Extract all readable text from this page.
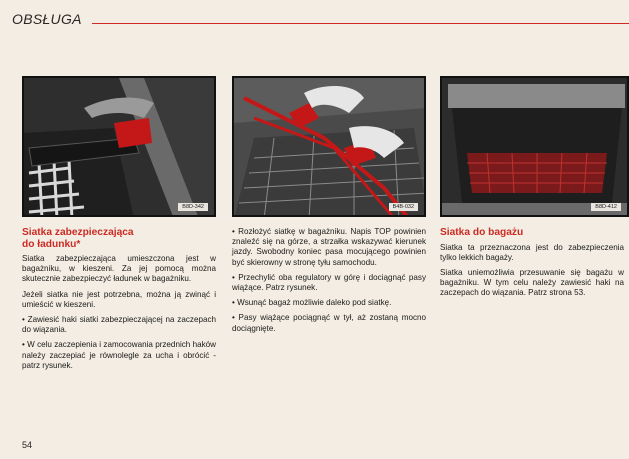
OBSŁUGA
B8D-342	B4B-032	B8D-412
Siatka zabezpieczająca
do ładunku*

Siatka zabezpieczająca umieszczona jest w bagażniku, w kieszeni. Za jej pomocą można skutecznie zabezpieczyć ładunek w bagażniku.

Jeżeli siatka nie jest potrzebna, można ją zwinąć i umieścić w kieszeni.

• Zawiesić haki siatki zabezpieczającej na zaczepach do wiązania.

• W celu zaczepienia i zamocowania przednich haków należy zaczepiać je równolegle za ucha i obrócić - patrz rysunek.

• Rozłożyć siatkę w bagażniku. Napis TOP powinien znaleźć się na górze, a strzałka wskazywać kierunek jazdy. Swobodny koniec pasa mocującego powinien być skierowny w stronę tyłu samochodu.

• Przechylić oba regulatory w górę i dociągnąć pasy wiążące. Patrz rysunek.

• Wsunąć bagaż możliwie daleko pod siatkę.

• Pasy wiążące pociągnąć w tył, aż zostaną mocno dociągnięte.

Siatka do bagażu

Siatka ta przeznaczona jest do zabezpieczenia tylko lekkich bagaży.

Siatka uniemożliwia przesuwanie się bagażu w bagażniku. W tym celu należy zawiesić haki na zaczepach do wiązania. Patrz strona 53.

54
